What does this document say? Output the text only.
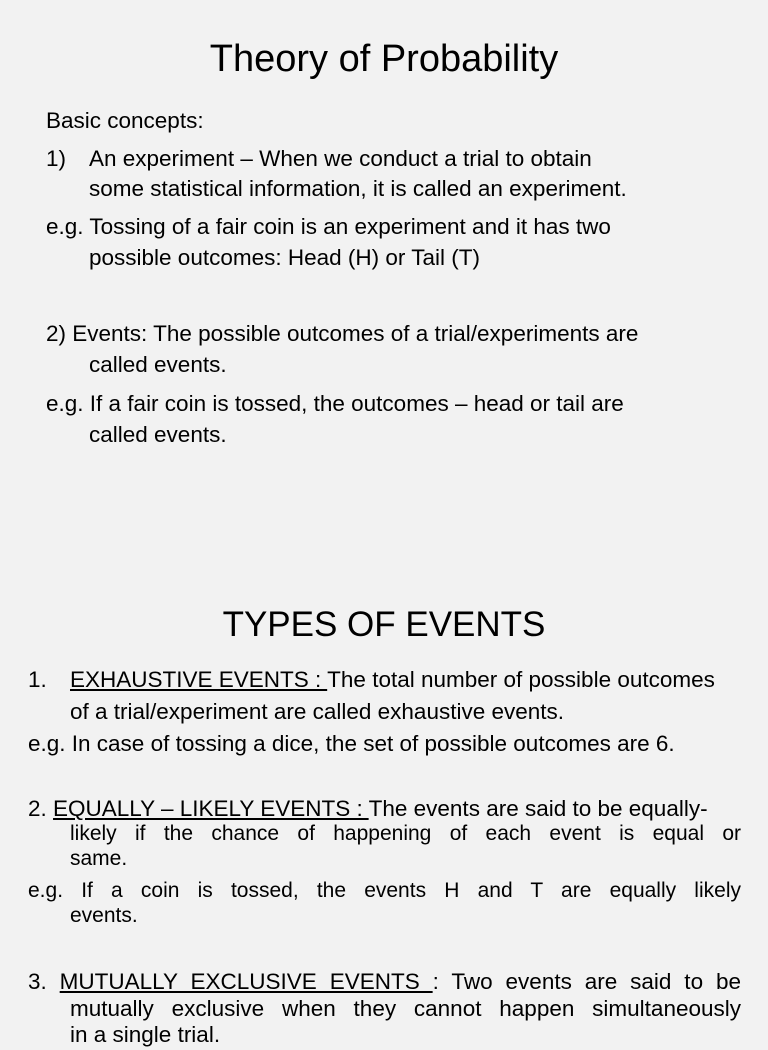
Theory of Probability
Basic concepts:
1) An experiment – When we conduct a trial to obtain
some statistical information, it is called an experiment.
e.g. Tossing of a fair coin is an experiment and it has two
possible outcomes: Head (H) or Tail (T)
2) Events: The possible outcomes of a trial/experiments are
called events.
e.g. If a fair coin is tossed, the outcomes – head or tail are
called events.
TYPES OF EVENTS
1. EXHAUSTIVE EVENTS : The total number of possible outcomes
of a trial/experiment are called exhaustive events.
e.g. In case of tossing a dice, the set of possible outcomes are 6.
2. EQUALLY – LIKELY EVENTS : The events are said to be equally-
likely if the chance of happening of each event is equal or
same.
e.g. If a coin is tossed, the events H and T are equally likely
events.
3. MUTUALLY EXCLUSIVE EVENTS : Two events are said to be
mutually exclusive when they cannot happen simultaneously
in a single trial.
